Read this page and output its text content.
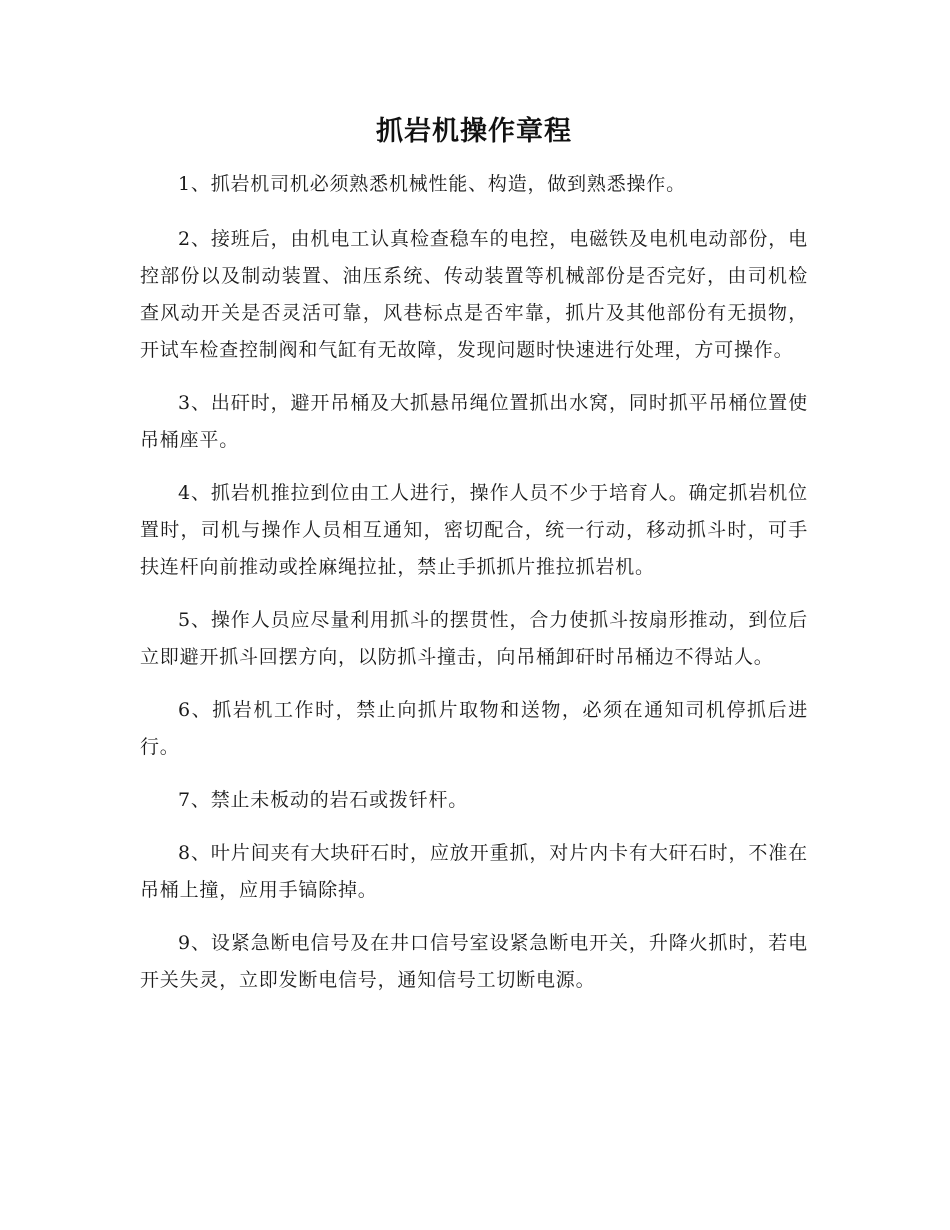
抓岩机操作章程

1、抓岩机司机必须熟悉机械性能、构造，做到熟悉操作。

2、接班后，由机电工认真检查稳车的电控，电磁铁及电机电动部份，电控部份以及制动装置、油压系统、传动装置等机械部份是否完好，由司机检查风动开关是否灵活可靠，风巷标点是否牢靠，抓片及其他部份有无损物，开试车检查控制阀和气缸有无故障，发现问题时快速进行处理，方可操作。

3、出矸时，避开吊桶及大抓悬吊绳位置抓出水窝，同时抓平吊桶位置使吊桶座平。

4、抓岩机推拉到位由工人进行，操作人员不少于培育人。确定抓岩机位置时，司机与操作人员相互通知，密切配合，统一行动，移动抓斗时，可手扶连杆向前推动或拴麻绳拉扯，禁止手抓抓片推拉抓岩机。

5、操作人员应尽量利用抓斗的摆贯性，合力使抓斗按扇形推动，到位后立即避开抓斗回摆方向，以防抓斗撞击，向吊桶卸矸时吊桶边不得站人。

6、抓岩机工作时，禁止向抓片取物和送物，必须在通知司机停抓后进行。

7、禁止未板动的岩石或拨钎杆。

8、叶片间夹有大块矸石时，应放开重抓，对片内卡有大矸石时，不准在吊桶上撞，应用手镐除掉。

9、设紧急断电信号及在井口信号室设紧急断电开关，升降火抓时，若电开关失灵，立即发断电信号，通知信号工切断电源。
